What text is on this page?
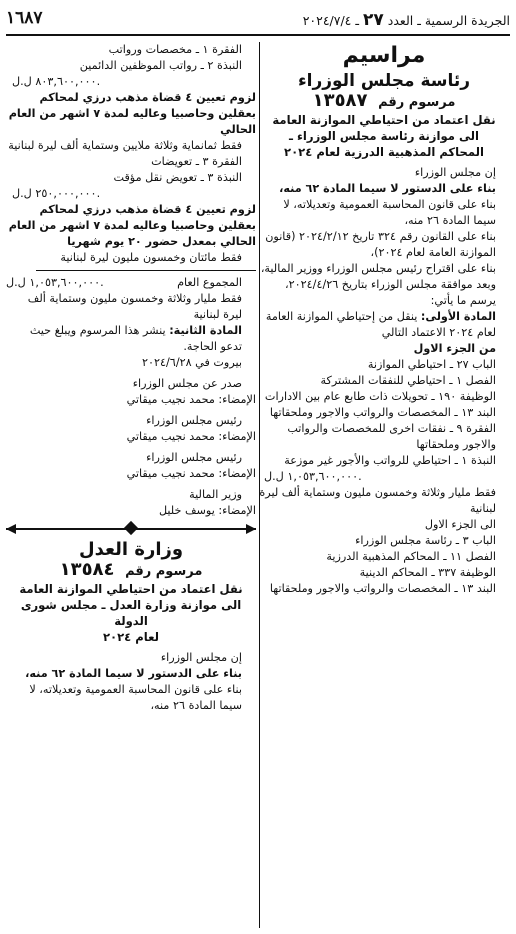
١٦٨٧	الجريدة الرسمية ـ العدد ٢٧ ـ ٢٠٢٤/٧/٤
مراسيم
رئاسة مجلس الوزراء
مرسوم رقم ١٣٥٨٧

نقل اعتماد من احتياطي الموازنة العامة

الى موازنة رئاسة مجلس الوزراء ـ

المحاكم المذهبية الدرزية لعام ٢٠٢٤

إن مجلس الوزراء

بناء على الدستور لا سيما المادة ٦٢ منه،

بناء على قانون المحاسبة العمومية وتعديلاته، لا سيما المادة ٢٦ منه،

بناء على القانون رقم ٣٢٤ تاريخ ٢٠٢٤/٢/١٢ (قانون الموازنة العامة لعام ٢٠٢٤)،

بناء على اقتراح رئيس مجلس الوزراء ووزير المالية،

وبعد موافقة مجلس الوزراء بتاريخ ٢٠٢٤/٤/٢٦،

يرسم ما يأتي:

المادة الأولى: ينقل من إحتياطي الموازنة العامة لعام ٢٠٢٤ الاعتماد التالي

من الجزء الاول

الباب ٢٧ ـ احتياطي الموازنة

الفصل ١ ـ احتياطي للنفقات المشتركة

الوظيفة ١٩٠ ـ تحويلات ذات طابع عام بين الادارات

البند ١٣ ـ المخصصات والرواتب والاجور وملحقاتها

الفقرة ٩ ـ نفقات اخرى للمخصصات والرواتب والاجور وملحقاتها

النبذة ١ ـ احتياطي للرواتب والأجور غير موزعة

١,٠٥٣,٦٠٠,٠٠٠ ل.ل.

فقط مليار وثلاثة وخمسون مليون وستماية ألف ليرة لبنانية

الى الجزء الاول

الباب ٣ ـ رئاسة مجلس الوزراء

الفصل ١١ ـ المحاكم المذهبية الدرزية

الوظيفة ٣٣٧ ـ المحاكم الدينية

البند ١٣ ـ المخصصات والرواتب والاجور وملحقاتها

الفقرة ١ ـ مخصصات ورواتب

النبذة ٢ ـ رواتب الموظفين الدائمين

٨٠٣,٦٠٠,٠٠٠ ل.ل.

لزوم تعيين ٤ قضاة مذهب درزي لمحاكم بعقلين وحاصبيا وعاليه لمدة ٧ اشهر من العام الحالي

فقط ثمانماية وثلاثة ملايين وستماية ألف ليرة لبنانية

الفقرة ٣ ـ تعويضات

النبذة ٣ ـ تعويض نقل مؤقت

٢٥٠,٠٠٠,٠٠٠ ل.ل.

لزوم تعيين ٤ قضاة مذهب درزي لمحاكم بعقلين وحاصبيا وعاليه لمدة ٧ اشهر من العام الحالي بمعدل حضور ٢٠ يوم شهريا

فقط مائتان وخمسون مليون ليرة لبنانية

المجموع العام
١,٠٥٣,٦٠٠,٠٠٠ ل.ل.

فقط مليار وثلاثة وخمسون مليون وستماية ألف ليرة لبنانية

المادة الثانية: ينشر هذا المرسوم ويبلغ حيث تدعو الحاجة.

بيروت في ٢٠٢٤/٦/٢٨

صدر عن مجلس الوزراء

الإمضاء: محمد نجيب ميقاتي

رئيس مجلس الوزراء

الإمضاء: محمد نجيب ميقاتي

رئيس مجلس الوزراء

الإمضاء: محمد نجيب ميقاتي

وزير المالية

الإمضاء: يوسف خليل

وزارة العدل
مرسوم رقم ١٣٥٨٤

نقل اعتماد من احتياطي الموازنة العامة

الى موازنة وزارة العدل ـ مجلس شورى الدولة

لعام ٢٠٢٤

إن مجلس الوزراء

بناء على الدستور لا سيما المادة ٦٢ منه،

بناء على قانون المحاسبة العمومية وتعديلاته، لا سيما المادة ٢٦ منه،
